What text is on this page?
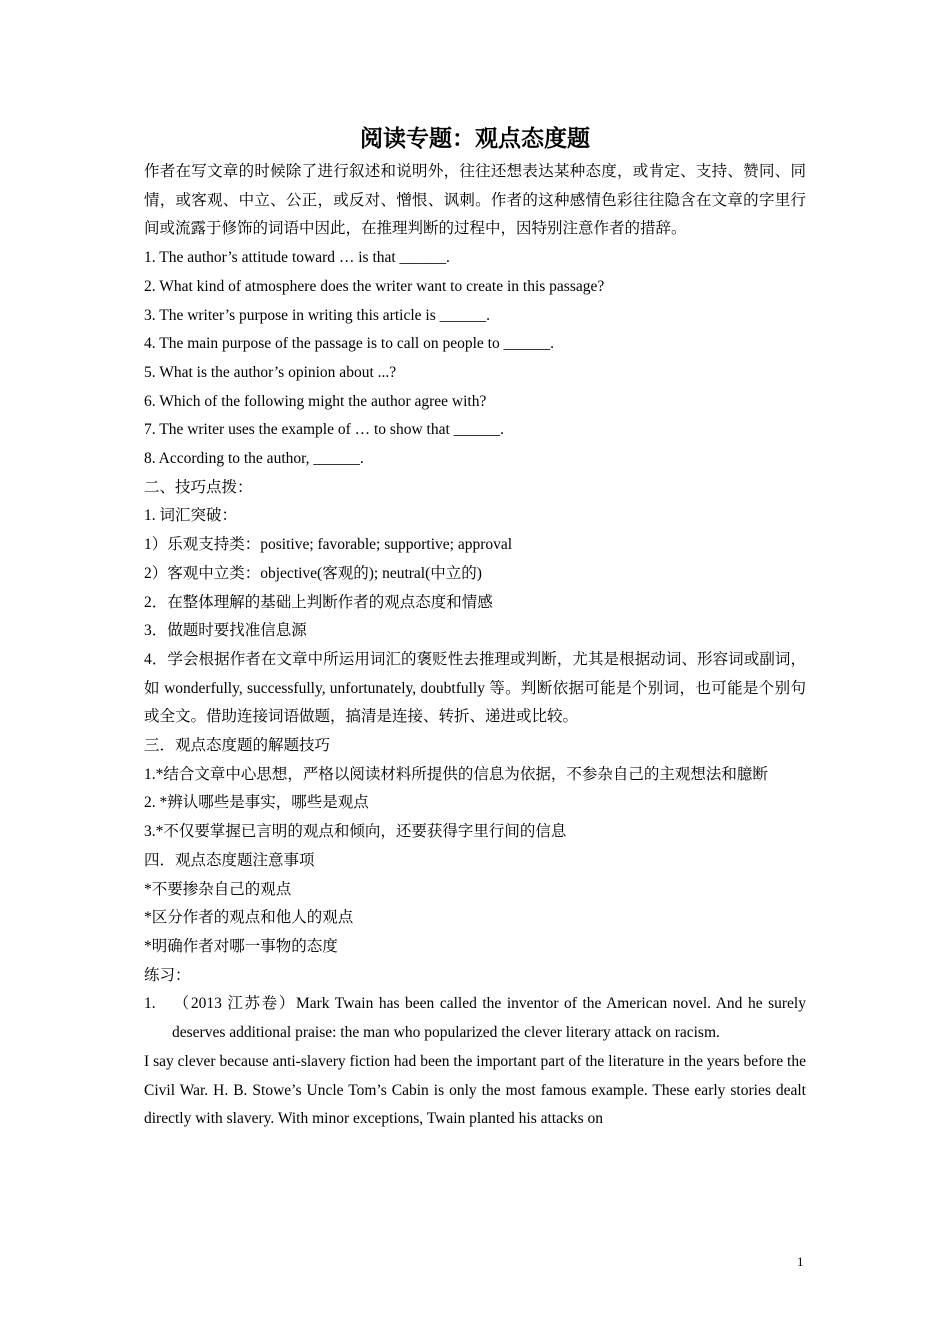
阅读专题：观点态度题

作者在写文章的时候除了进行叙述和说明外，往往还想表达某种态度，或肯定、支持、赞同、同情，或客观、中立、公正，或反对、憎恨、讽刺。作者的这种感情色彩往往隐含在文章的字里行间或流露于修饰的词语中因此，在推理判断的过程中，因特别注意作者的措辞。

1. The author’s attitude toward … is that ______.

2. What kind of atmosphere does the writer want to create in this passage?

3. The writer’s purpose in writing this article is ______.

4. The main purpose of the passage is to call on people to ______.

5. What is the author’s opinion about ...?

6. Which of the following might the author agree with?

7. The writer uses the example of … to show that ______.

8. According to the author, ______.

二、技巧点拨：

1. 词汇突破：

1）乐观支持类：positive; favorable; supportive; approval

2）客观中立类：objective(客观的); neutral(中立的)

2．在整体理解的基础上判断作者的观点态度和情感

3．做题时要找准信息源

4．学会根据作者在文章中所运用词汇的褒贬性去推理或判断，尤其是根据动词、形容词或副词，如 wonderfully, successfully, unfortunately, doubtfully 等。判断依据可能是个别词，也可能是个别句或全文。借助连接词语做题，搞清是连接、转折、递进或比较。

三．观点态度题的解题技巧

1.*结合文章中心思想，严格以阅读材料所提供的信息为依据，不参杂自己的主观想法和臆断

2. *辨认哪些是事实，哪些是观点

3.*不仅要掌握已言明的观点和倾向，还要获得字里行间的信息

四．观点态度题注意事项

*不要掺杂自己的观点

*区分作者的观点和他人的观点

*明确作者对哪一事物的态度

练习：

1. （2013 江苏卷）Mark Twain has been called the inventor of the American novel. And he surely deserves additional praise: the man who popularized the clever literary attack on racism.

I say clever because anti-slavery fiction had been the important part of the literature in the years before the Civil War. H. B. Stowe’s Uncle Tom’s Cabin is only the most famous example. These early stories dealt directly with slavery. With minor exceptions, Twain planted his attacks on

1
